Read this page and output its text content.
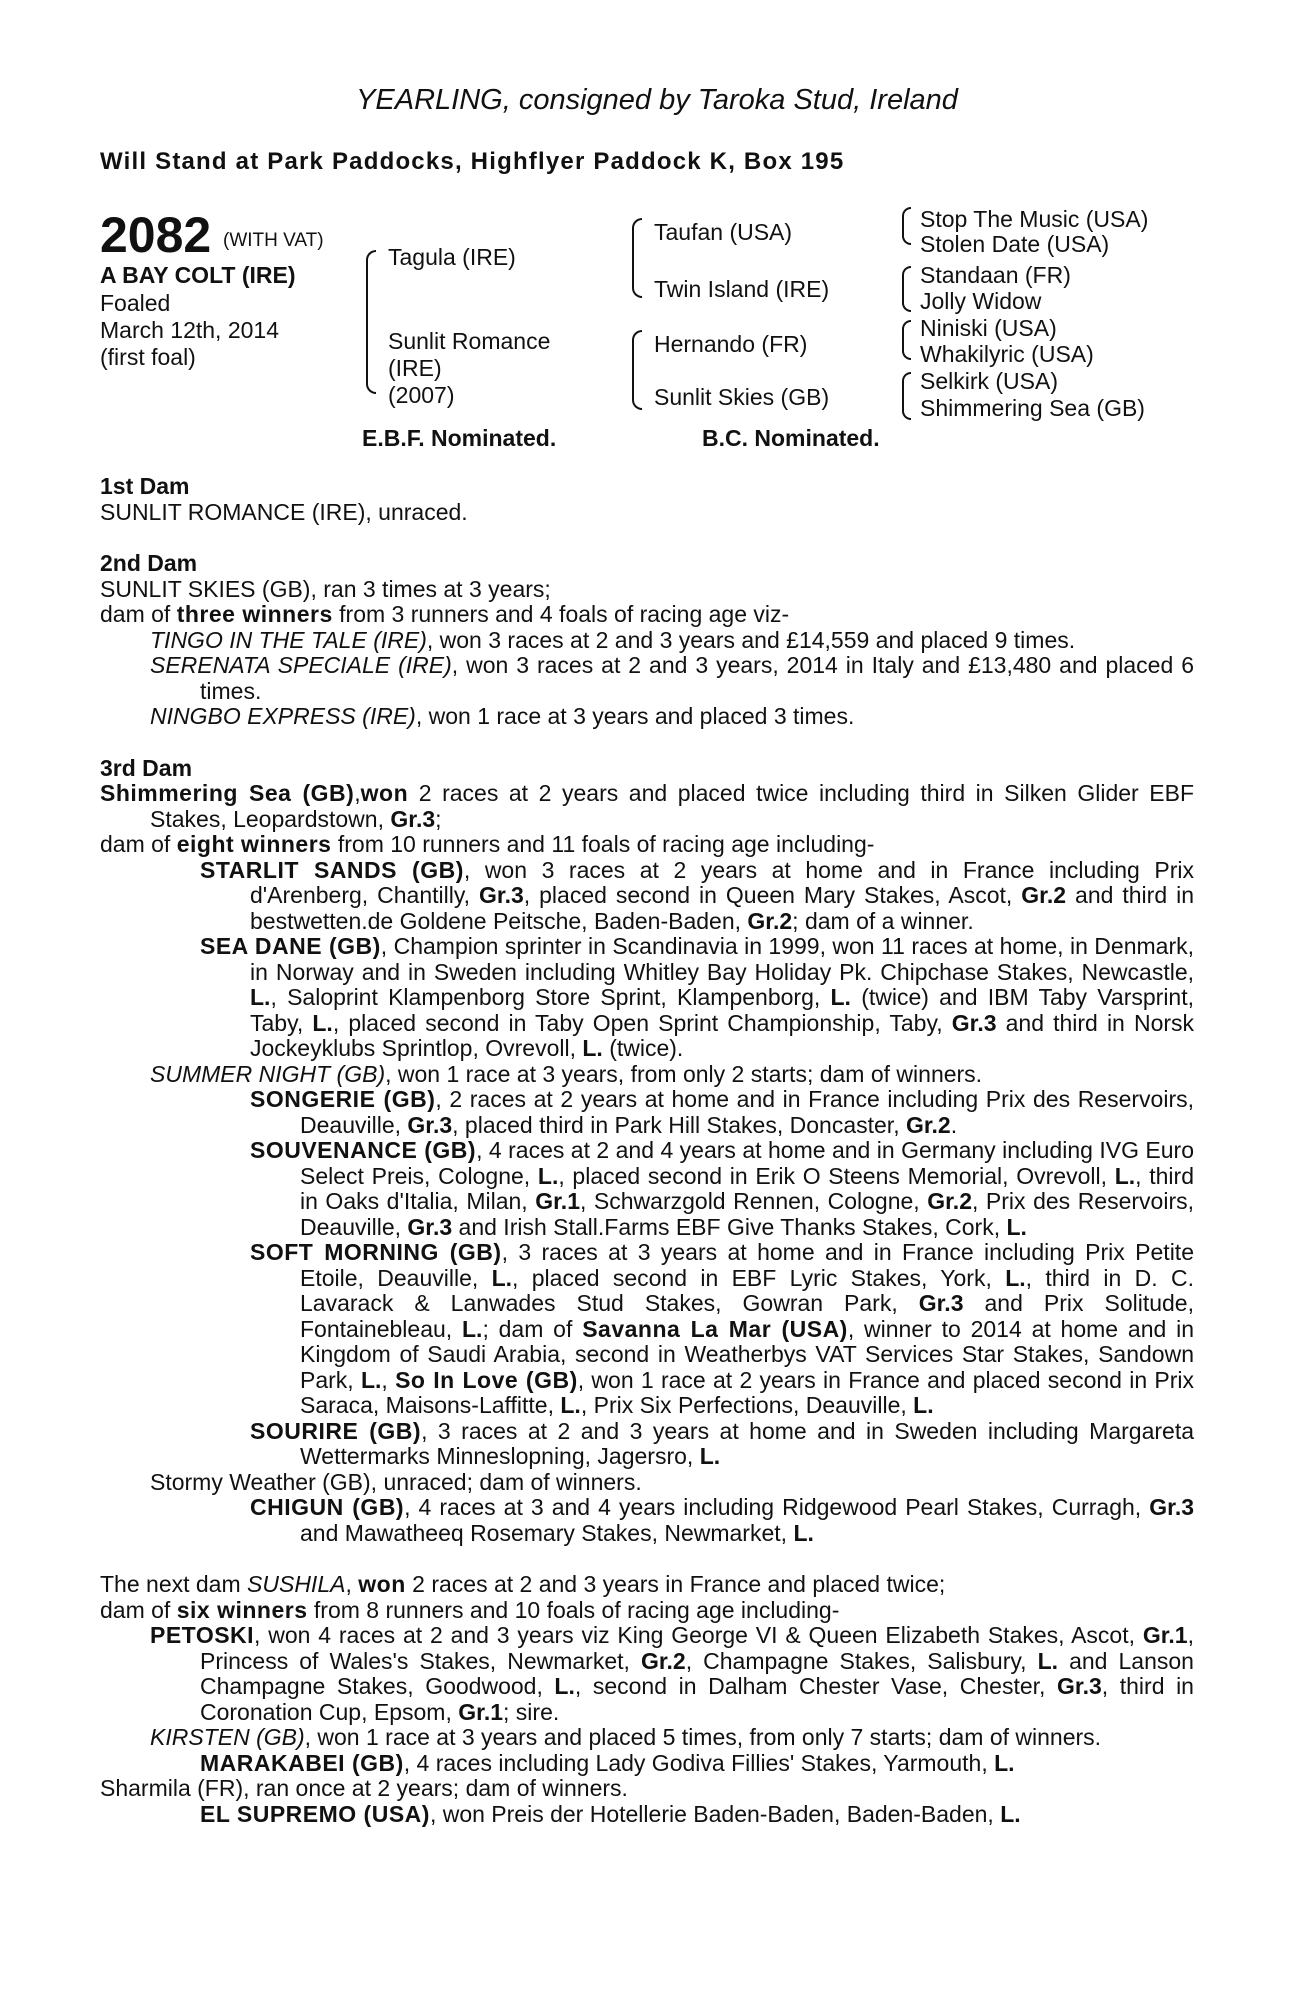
YEARLING, consigned by Taroka Stud, Ireland
Will Stand at Park Paddocks, Highflyer Paddock K, Box 195
2082 (WITH VAT)
A BAY COLT (IRE)
Foaled
March 12th, 2014
(first foal)
Tagula (IRE)
Sunlit Romance
(IRE)
(2007)
Taufan (USA)
Twin Island (IRE)
Hernando (FR)
Sunlit Skies (GB)
Stop The Music (USA)
Stolen Date (USA)
Standaan (FR)
Jolly Widow
Niniski (USA)
Whakilyric (USA)
Selkirk (USA)
Shimmering Sea (GB)
E.B.F. Nominated.	B.C. Nominated.

1st Dam

SUNLIT ROMANCE (IRE), unraced.

2nd Dam

SUNLIT SKIES (GB), ran 3 times at 3 years;

dam of three winners from 3 runners and 4 foals of racing age viz-

TINGO IN THE TALE (IRE), won 3 races at 2 and 3 years and £14,559 and placed 9 times.

SERENATA SPECIALE (IRE), won 3 races at 2 and 3 years, 2014 in Italy and £13,480 and placed 6 times.

NINGBO EXPRESS (IRE), won 1 race at 3 years and placed 3 times.

3rd Dam

Shimmering Sea (GB),won 2 races at 2 years and placed twice including third in Silken Glider EBF Stakes, Leopardstown, Gr.3;

dam of eight winners from 10 runners and 11 foals of racing age including-

STARLIT SANDS (GB), won 3 races at 2 years at home and in France including Prix d'Arenberg, Chantilly, Gr.3, placed second in Queen Mary Stakes, Ascot, Gr.2 and third in bestwetten.de Goldene Peitsche, Baden-Baden, Gr.2; dam of a winner.

SEA DANE (GB), Champion sprinter in Scandinavia in 1999, won 11 races at home, in Denmark, in Norway and in Sweden including Whitley Bay Holiday Pk. Chipchase Stakes, Newcastle, L., Saloprint Klampenborg Store Sprint, Klampenborg, L. (twice) and IBM Taby Varsprint, Taby, L., placed second in Taby Open Sprint Championship, Taby, Gr.3 and third in Norsk Jockeyklubs Sprintlop, Ovrevoll, L. (twice).

SUMMER NIGHT (GB), won 1 race at 3 years, from only 2 starts; dam of winners.

SONGERIE (GB), 2 races at 2 years at home and in France including Prix des Reservoirs, Deauville, Gr.3, placed third in Park Hill Stakes, Doncaster, Gr.2.

SOUVENANCE (GB), 4 races at 2 and 4 years at home and in Germany including IVG Euro Select Preis, Cologne, L., placed second in Erik O Steens Memorial, Ovrevoll, L., third in Oaks d'Italia, Milan, Gr.1, Schwarzgold Rennen, Cologne, Gr.2, Prix des Reservoirs, Deauville, Gr.3 and Irish Stall.Farms EBF Give Thanks Stakes, Cork, L.

SOFT MORNING (GB), 3 races at 3 years at home and in France including Prix Petite Etoile, Deauville, L., placed second in EBF Lyric Stakes, York, L., third in D. C. Lavarack & Lanwades Stud Stakes, Gowran Park, Gr.3 and Prix Solitude, Fontainebleau, L.; dam of Savanna La Mar (USA), winner to 2014 at home and in Kingdom of Saudi Arabia, second in Weatherbys VAT Services Star Stakes, Sandown Park, L., So In Love (GB), won 1 race at 2 years in France and placed second in Prix Saraca, Maisons-Laffitte, L., Prix Six Perfections, Deauville, L.

SOURIRE (GB), 3 races at 2 and 3 years at home and in Sweden including Margareta Wettermarks Minneslopning, Jagersro, L.

Stormy Weather (GB), unraced; dam of winners.

CHIGUN (GB), 4 races at 3 and 4 years including Ridgewood Pearl Stakes, Curragh, Gr.3 and Mawatheeq Rosemary Stakes, Newmarket, L.

The next dam SUSHILA, won 2 races at 2 and 3 years in France and placed twice;

dam of six winners from 8 runners and 10 foals of racing age including-

PETOSKI, won 4 races at 2 and 3 years viz King George VI & Queen Elizabeth Stakes, Ascot, Gr.1, Princess of Wales's Stakes, Newmarket, Gr.2, Champagne Stakes, Salisbury, L. and Lanson Champagne Stakes, Goodwood, L., second in Dalham Chester Vase, Chester, Gr.3, third in Coronation Cup, Epsom, Gr.1; sire.

KIRSTEN (GB), won 1 race at 3 years and placed 5 times, from only 7 starts; dam of winners.

MARAKABEI (GB), 4 races including Lady Godiva Fillies' Stakes, Yarmouth, L.

Sharmila (FR), ran once at 2 years; dam of winners.

EL SUPREMO (USA), won Preis der Hotellerie Baden-Baden, Baden-Baden, L.
